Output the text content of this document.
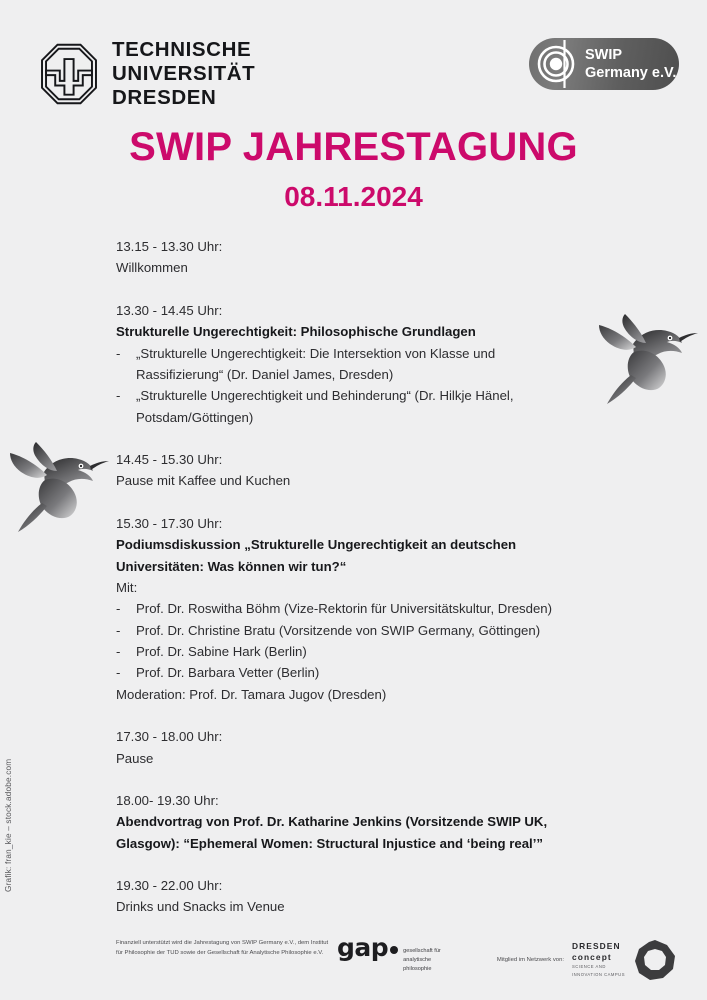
TECHNISCHE
UNIVERSITÄT
DRESDEN
SWIP
Germany e.V.
SWIP JAHRESTAGUNG
08.11.2024
13.15 - 13.30 Uhr:
Willkommen
13.30 - 14.45 Uhr:
Strukturelle Ungerechtigkeit: Philosophische Grundlagen
- „Strukturelle Ungerechtigkeit: Die Intersektion von Klasse und Rassifizierung“ (Dr. Daniel James, Dresden)
- „Strukturelle Ungerechtigkeit und Behinderung“ (Dr. Hilkje Hänel, Potsdam/Göttingen)
14.45 - 15.30 Uhr:
Pause mit Kaffee und Kuchen
15.30 - 17.30 Uhr:
Podiumsdiskussion „Strukturelle Ungerechtigkeit an deutschen Universitäten: Was können wir tun?“
Mit:
- Prof. Dr. Roswitha Böhm (Vize-Rektorin für Universitätskultur, Dresden)
- Prof. Dr. Christine Bratu (Vorsitzende von SWIP Germany, Göttingen)
- Prof. Dr. Sabine Hark (Berlin)
- Prof. Dr. Barbara Vetter (Berlin)
Moderation: Prof. Dr. Tamara Jugov (Dresden)
17.30 - 18.00 Uhr:
Pause
18.00- 19.30 Uhr:
Abendvortrag von Prof. Dr. Katharine Jenkins (Vorsitzende SWIP UK, Glasgow): “Ephemeral Women: Structural Injustice and ‘being real’”
19.30 - 22.00 Uhr:
Drinks und Snacks im Venue
Grafik: fran_kie – stock.adobe.com
Finanziell unterstützt wird die Jahrestagung von SWIP Germany e.V., dem Institut für Philosophie der TUD sowie der Gesellschaft für Analytische Philosophie e.V. gap	gesellschaft für
analytische
philosophie
Mitglied im Netzwerk von:
DRESDEN
concept
SCIENCE AND
INNOVATION CAMPUS
